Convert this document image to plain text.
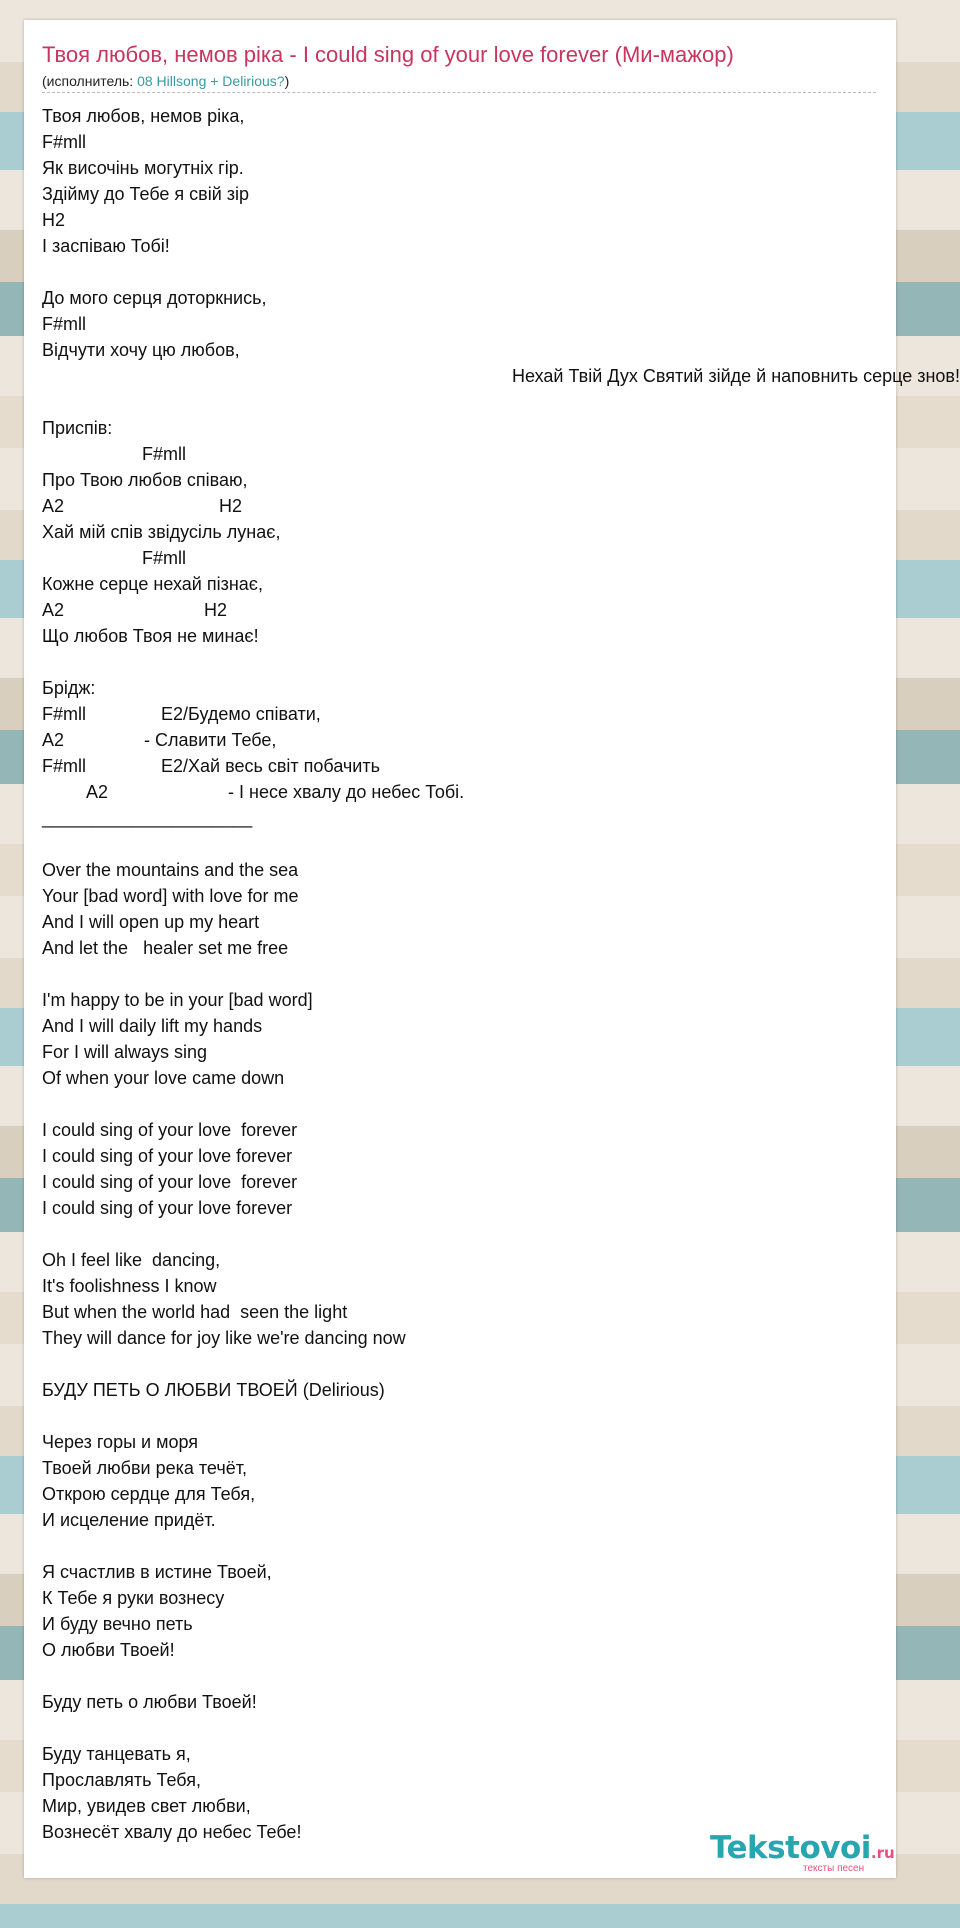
Твоя любов, немов ріка - I could sing of your love forever (Ми-мажор)
(исполнитель: 08 Hillsong + Delirious?)
Твоя любов, немов ріка,
F#mll
Як височінь могутніх гір.
Здійму до Тебе я свій зір
H2
І заспіваю Тобі!
До мого серця доторкнись,
F#mll
Відчути хочу цю любов,
Нехай Твій Дух Святий зійде й наповнить серце знов!
Приспів:
F#mll
Про Твою любов співаю,
A2                               H2
Хай мій спів звідусіль лунає,
F#mll
Кожне серце нехай пізнає,
A2                            H2
Що любов Твоя не минає!
Брідж:
F#mll               E2/Будемо співати,
A2                - Славити Тебе,
F#mll               E2/Хай весь світ побачить
A2                        - І несе хвалу до небес Тобі.
_____________________
Over the mountains and the sea
Your [bad word] with love for me
And I will open up my heart
And let the   healer set me free
I'm happy to be in your [bad word]
And I will daily lift my hands
For I will always sing
Of when your love came down
I could sing of your love  forever
I could sing of your love forever
I could sing of your love  forever
I could sing of your love forever
Oh I feel like  dancing,
It's foolishness I know
But when the world had  seen the light
They will dance for joy like we're dancing now
БУДУ ПЕТЬ О ЛЮБВИ ТВОЕЙ (Delirious)
Через горы и моря
Твоей любви река течёт,
Открою сердце для Тебя,
И исцеление придёт.
Я счастлив в истине Твоей,
К Тебе я руки вознесу
И буду вечно петь
О любви Твоей!
Буду петь о любви Твоей!
Буду танцевать я,
Прославлять Тебя,
Мир, увидев свет любви,
Вознесёт хвалу до небес Тебе!	Tekstovoi.ru
тексты песен
